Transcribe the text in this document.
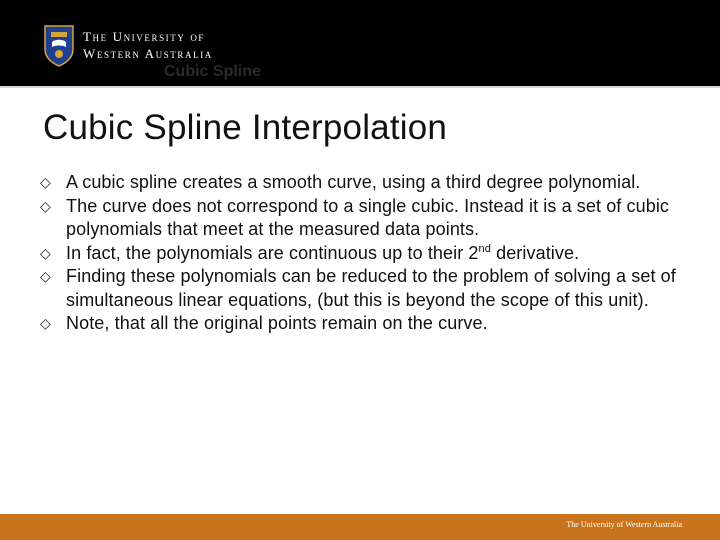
The University of
Western Australia
Cubic Spline
Cubic Spline Interpolation
◇ A cubic spline creates a smooth curve, using a third degree polynomial.
◇ The curve does not correspond to a single cubic. Instead it is a set of cubic polynomials that meet at the measured data points.
◇ In fact, the polynomials are continuous up to their 2nd derivative.
◇ Finding these polynomials can be reduced to the problem of solving a set of simultaneous linear equations, (but this is beyond the scope of this unit).
◇ Note, that all the original points remain on the curve.
The University of Western Australia
